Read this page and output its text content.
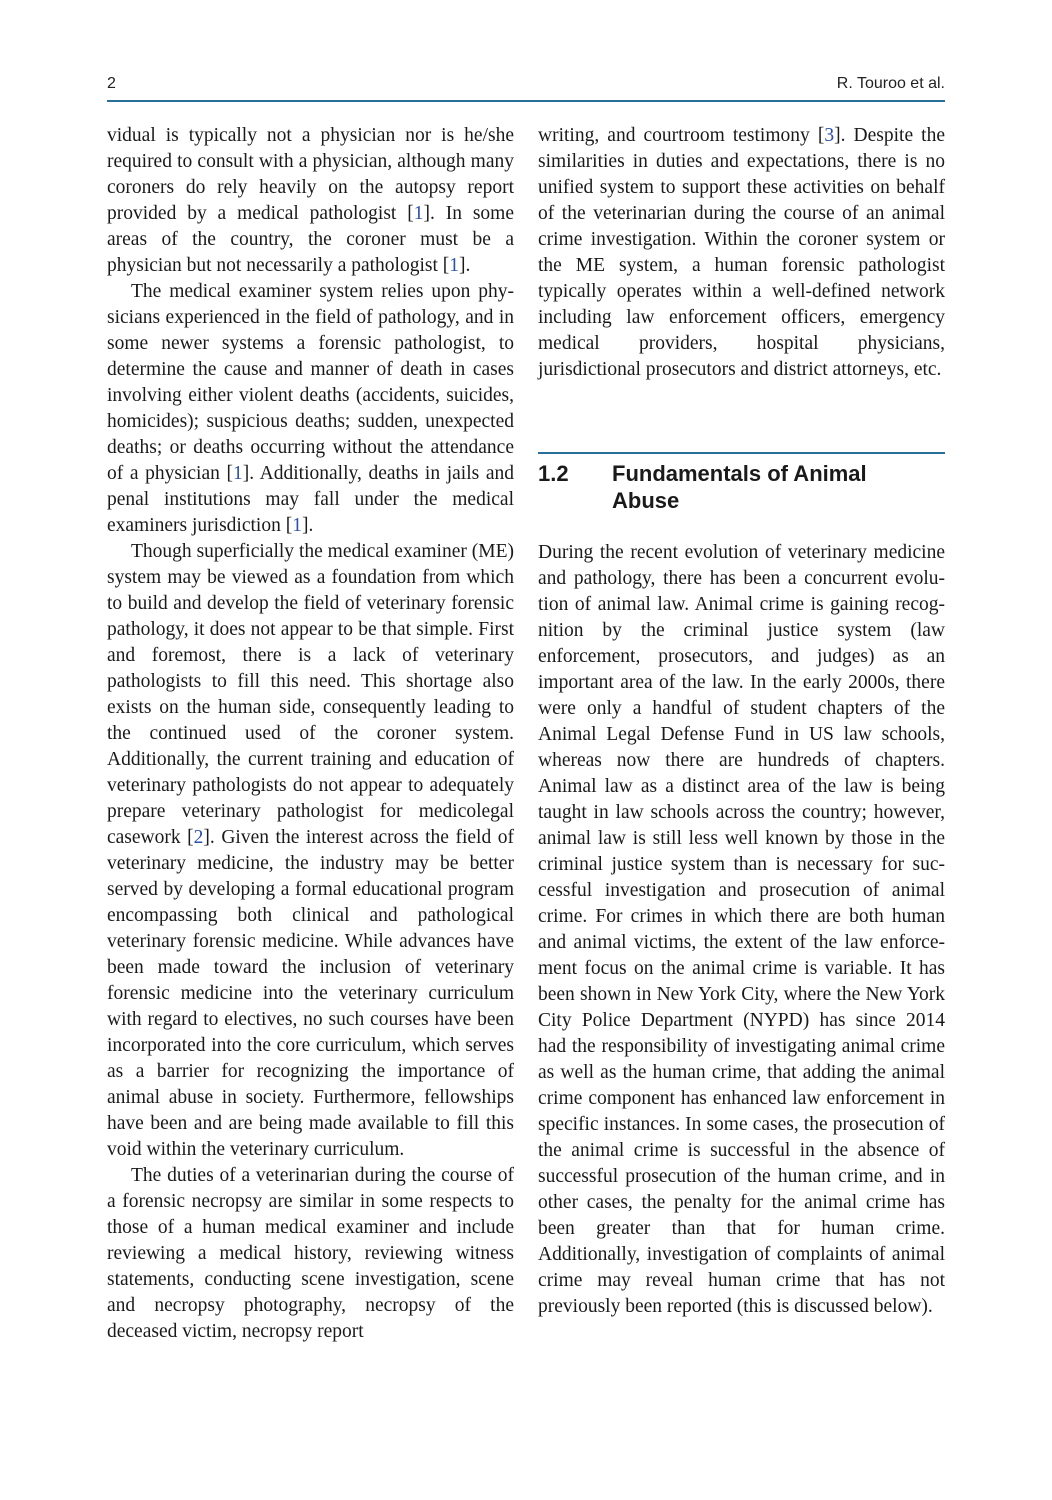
2	R. Touroo et al.

vidual is typically not a physician nor is he/she required to consult with a physician, although many coroners do rely heavily on the autopsy report provided by a medical pathologist [1]. In some areas of the country, the coroner must be a physician but not necessarily a pathologist [1].

The medical examiner system relies upon physicians experienced in the field of pathology, and in some newer systems a forensic pathologist, to determine the cause and manner of death in cases involving either violent deaths (accidents, suicides, homicides); suspicious deaths; sudden, unexpected deaths; or deaths occurring without the attendance of a physician [1]. Additionally, deaths in jails and penal institutions may fall under the medical examiners jurisdiction [1].

Though superficially the medical examiner (ME) system may be viewed as a foundation from which to build and develop the field of veterinary forensic pathology, it does not appear to be that simple. First and foremost, there is a lack of veterinary pathologists to fill this need. This shortage also exists on the human side, consequently leading to the continued used of the coroner system. Additionally, the current training and education of veterinary pathologists do not appear to adequately prepare veterinary pathologist for medicolegal casework [2]. Given the interest across the field of veterinary medicine, the industry may be better served by developing a formal educational program encompassing both clinical and pathological veterinary forensic medicine. While advances have been made toward the inclusion of veterinary forensic medicine into the veterinary curriculum with regard to electives, no such courses have been incorporated into the core curriculum, which serves as a barrier for recognizing the importance of animal abuse in society. Furthermore, fellowships have been and are being made available to fill this void within the veterinary curriculum.

The duties of a veterinarian during the course of a forensic necropsy are similar in some respects to those of a human medical examiner and include reviewing a medical history, reviewing witness statements, conducting scene investigation, scene and necropsy photography, necropsy of the deceased victim, necropsy report

writing, and courtroom testimony [3]. Despite the similarities in duties and expectations, there is no unified system to support these activities on behalf of the veterinarian during the course of an animal crime investigation. Within the coroner system or the ME system, a human forensic pathologist typically operates within a well-defined network including law enforcement officers, emergency medical providers, hospital physicians, jurisdictional prosecutors and district attorneys, etc.

1.2 Fundamentals of Animal Abuse

During the recent evolution of veterinary medicine and pathology, there has been a concurrent evolution of animal law. Animal crime is gaining recognition by the criminal justice system (law enforcement, prosecutors, and judges) as an important area of the law. In the early 2000s, there were only a handful of student chapters of the Animal Legal Defense Fund in US law schools, whereas now there are hundreds of chapters. Animal law as a distinct area of the law is being taught in law schools across the country; however, animal law is still less well known by those in the criminal justice system than is necessary for successful investigation and prosecution of animal crime. For crimes in which there are both human and animal victims, the extent of the law enforcement focus on the animal crime is variable. It has been shown in New York City, where the New York City Police Department (NYPD) has since 2014 had the responsibility of investigating animal crime as well as the human crime, that adding the animal crime component has enhanced law enforcement in specific instances. In some cases, the prosecution of the animal crime is successful in the absence of successful prosecution of the human crime, and in other cases, the penalty for the animal crime has been greater than that for human crime. Additionally, investigation of complaints of animal crime may reveal human crime that has not previously been reported (this is discussed below).
